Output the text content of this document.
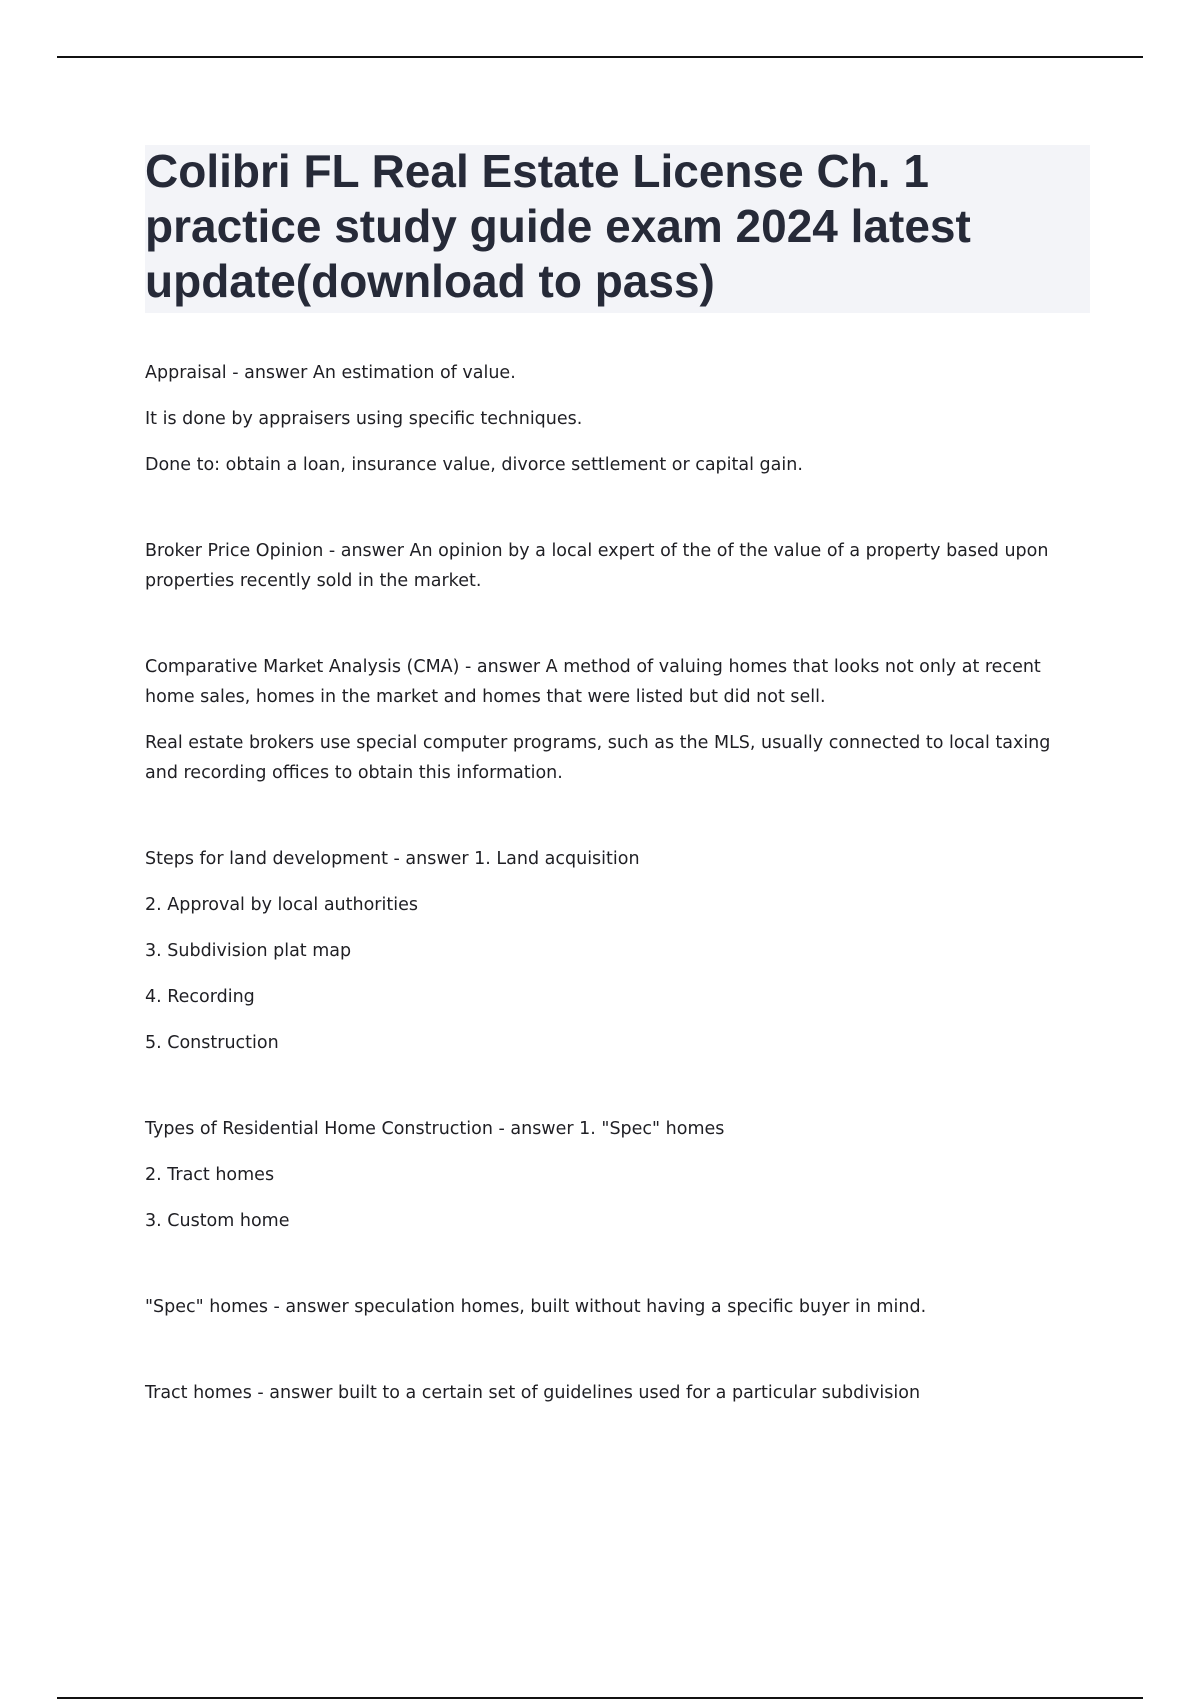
Colibri FL Real Estate License Ch. 1 practice study guide exam 2024 latest update(download to pass)

Appraisal - answer An estimation of value.

It is done by appraisers using specific techniques.

Done to: obtain a loan, insurance value, divorce settlement or capital gain.

Broker Price Opinion - answer An opinion by a local expert of the of the value of a property based upon properties recently sold in the market.

Comparative Market Analysis (CMA) - answer A method of valuing homes that looks not only at recent home sales, homes in the market and homes that were listed but did not sell.

Real estate brokers use special computer programs, such as the MLS, usually connected to local taxing and recording offices to obtain this information.

Steps for land development - answer 1. Land acquisition

2. Approval by local authorities

3. Subdivision plat map

4. Recording

5. Construction

Types of Residential Home Construction - answer 1. "Spec" homes

2. Tract homes

3. Custom home

"Spec" homes - answer speculation homes, built without having a specific buyer in mind.

Tract homes - answer built to a certain set of guidelines used for a particular subdivision
